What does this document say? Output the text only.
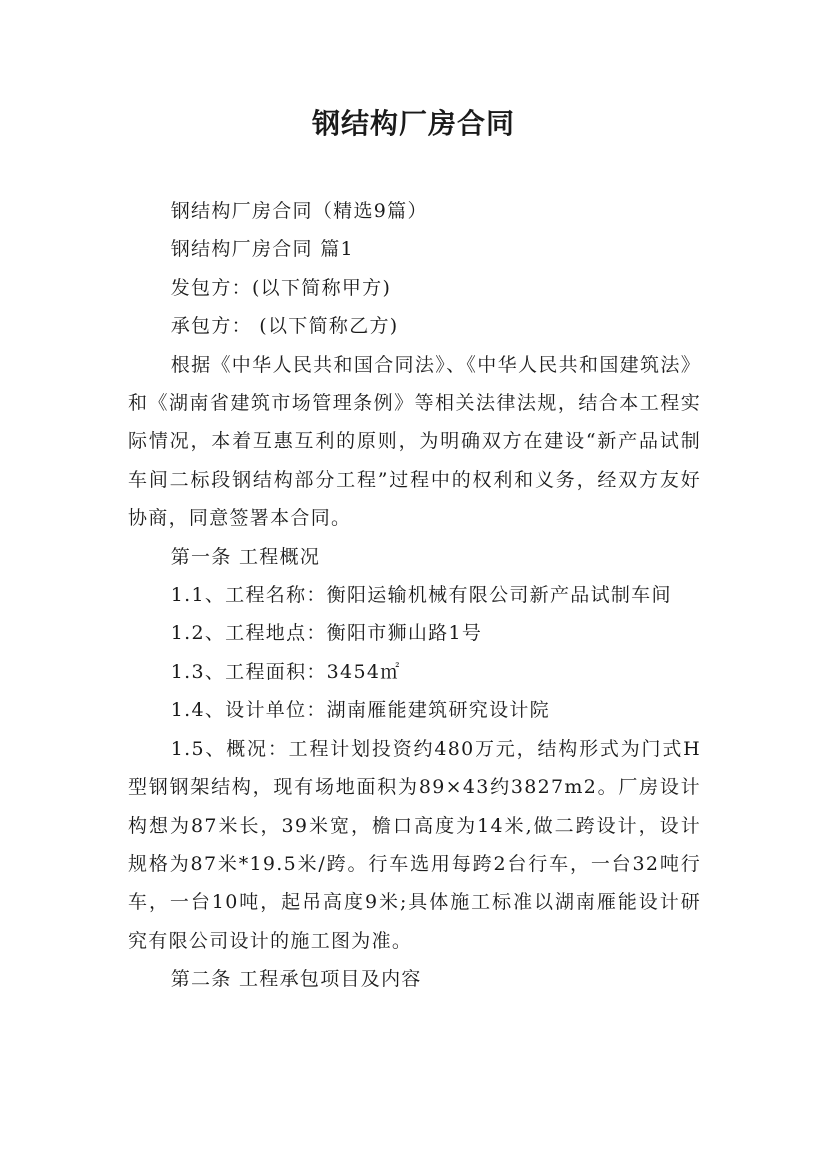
钢结构厂房合同

钢结构厂房合同（精选9篇）

钢结构厂房合同 篇1

发包方：(以下简称甲方)

承包方： (以下简称乙方)

根据《中华人民共和国合同法》、《中华人民共和国建筑法》和《湖南省建筑市场管理条例》等相关法律法规，结合本工程实际情况，本着互惠互利的原则，为明确双方在建设“新产品试制车间二标段钢结构部分工程”过程中的权利和义务，经双方友好协商，同意签署本合同。

第一条 工程概况

1.1、工程名称：衡阳运输机械有限公司新产品试制车间

1.2、工程地点：衡阳市狮山路1号

1.3、工程面积：3454㎡

1.4、设计单位：湖南雁能建筑研究设计院

1.5、概况：工程计划投资约480万元，结构形式为门式H型钢钢架结构，现有场地面积为89×43约3827m2。厂房设计构想为87米长，39米宽，檐口高度为14米,做二跨设计，设计规格为87米*19.5米/跨。行车选用每跨2台行车，一台32吨行车，一台10吨，起吊高度9米;具体施工标准以湖南雁能设计研究有限公司设计的施工图为准。

第二条 工程承包项目及内容
